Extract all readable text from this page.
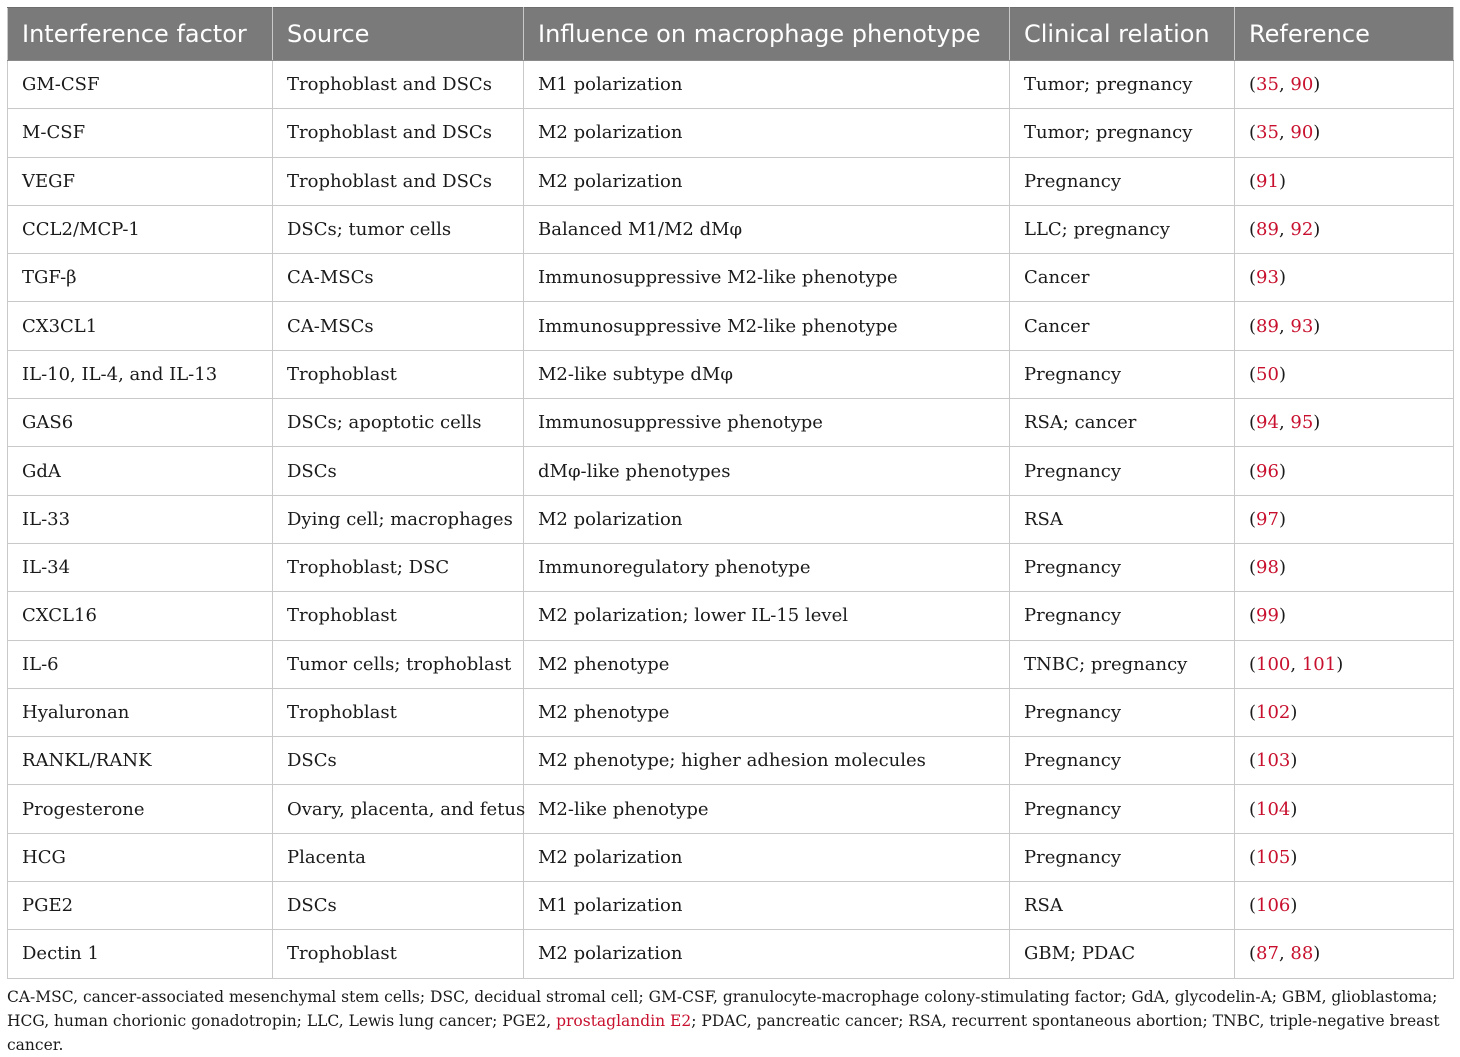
Interference factor	Source	Influence on macrophage phenotype	Clinical relation	Reference
GM-CSF	Trophoblast and DSCs	M1 polarization	Tumor; pregnancy	(35, 90)
M-CSF	Trophoblast and DSCs	M2 polarization	Tumor; pregnancy	(35, 90)
VEGF	Trophoblast and DSCs	M2 polarization	Pregnancy	(91)
CCL2/MCP-1	DSCs; tumor cells	Balanced M1/M2 dMφ	LLC; pregnancy	(89, 92)
TGF-β	CA-MSCs	Immunosuppressive M2-like phenotype	Cancer	(93)
CX3CL1	CA-MSCs	Immunosuppressive M2-like phenotype	Cancer	(89, 93)
IL-10, IL-4, and IL-13	Trophoblast	M2-like subtype dMφ	Pregnancy	(50)
GAS6	DSCs; apoptotic cells	Immunosuppressive phenotype	RSA; cancer	(94, 95)
GdA	DSCs	dMφ-like phenotypes	Pregnancy	(96)
IL-33	Dying cell; macrophages	M2 polarization	RSA	(97)
IL-34	Trophoblast; DSC	Immunoregulatory phenotype	Pregnancy	(98)
CXCL16	Trophoblast	M2 polarization; lower IL-15 level	Pregnancy	(99)
IL-6	Tumor cells; trophoblast	M2 phenotype	TNBC; pregnancy	(100, 101)
Hyaluronan	Trophoblast	M2 phenotype	Pregnancy	(102)
RANKL/RANK	DSCs	M2 phenotype; higher adhesion molecules	Pregnancy	(103)
Progesterone	Ovary, placenta, and fetus	M2-like phenotype	Pregnancy	(104)
HCG	Placenta	M2 polarization	Pregnancy	(105)
PGE2	DSCs	M1 polarization	RSA	(106)
Dectin 1	Trophoblast	M2 polarization	GBM; PDAC	(87, 88)
CA-MSC, cancer-associated mesenchymal stem cells; DSC, decidual stromal cell; GM-CSF, granulocyte-macrophage colony-stimulating factor; GdA, glycodelin-A; GBM, glioblastoma; HCG, human chorionic gonadotropin; LLC, Lewis lung cancer; PGE2, prostaglandin E2; PDAC, pancreatic cancer; RSA, recurrent spontaneous abortion; TNBC, triple-negative breast cancer.
